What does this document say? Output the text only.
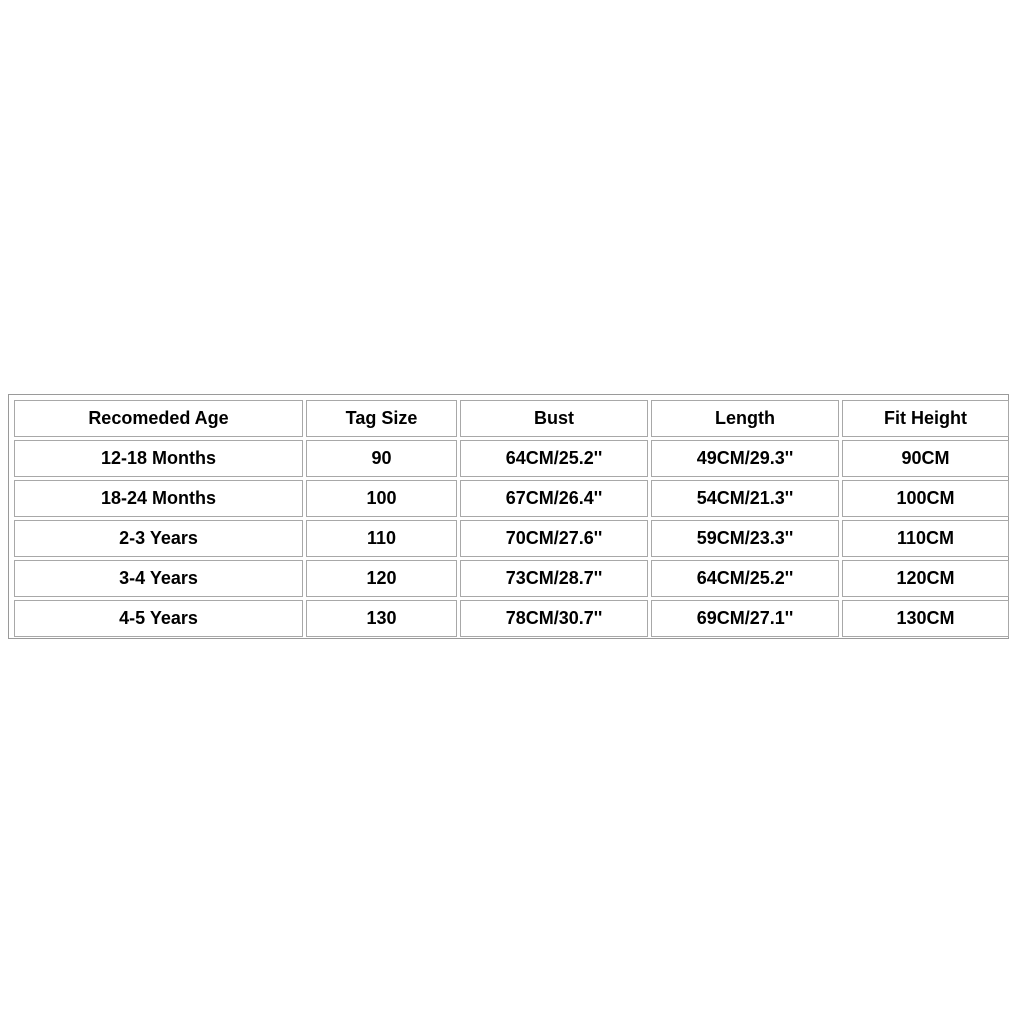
Recomeded Age	Tag Size	Bust	Length	Fit Height
12-18 Months	90	64CM/25.2''	49CM/29.3''	90CM
18-24 Months	100	67CM/26.4''	54CM/21.3''	100CM
2-3 Years	110	70CM/27.6''	59CM/23.3''	110CM
3-4 Years	120	73CM/28.7''	64CM/25.2''	120CM
4-5 Years	130	78CM/30.7''	69CM/27.1''	130CM
